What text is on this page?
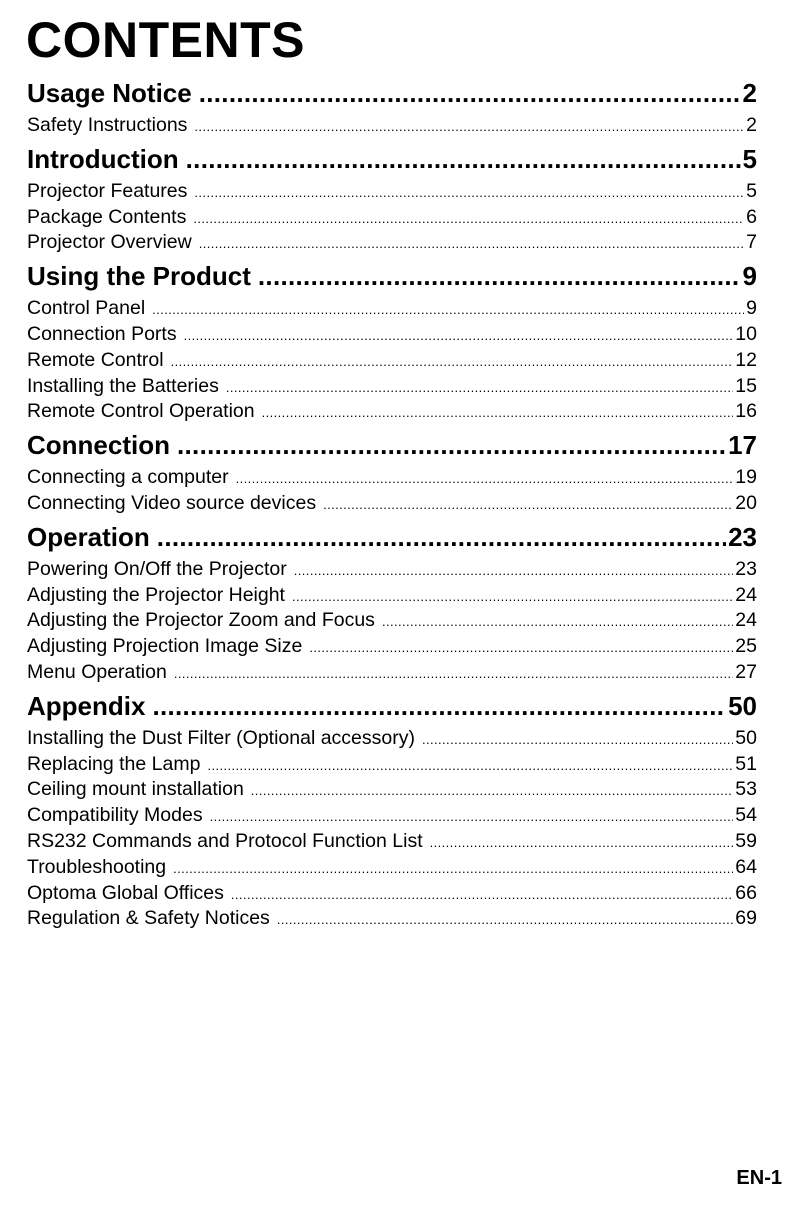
CONTENTS
Usage Notice .....	2
Safety Instructions .....	2
Introduction .....	5
Projector Features .....	5
Package Contents .....	6
Projector Overview .....	7
Using the Product .....	9
Control Panel .....	9
Connection Ports .....	10
Remote Control .....	12
Installing the Batteries .....	15
Remote Control Operation .....	16
Connection .....	17
Connecting a computer .....	19
Connecting Video source devices .....	20
Operation .....	23
Powering On/Off the Projector .....	23
Adjusting the Projector Height .....	24
Adjusting the Projector Zoom and Focus .....	24
Adjusting Projection Image Size .....	25
Menu Operation .....	27
Appendix .....	50
Installing the Dust Filter (Optional accessory) .....	50
Replacing the Lamp .....	51
Ceiling mount installation .....	53
Compatibility Modes .....	54
RS232 Commands and Protocol Function List .....	59
Troubleshooting .....	64
Optoma Global Offices .....	66
Regulation & Safety Notices .....	69
EN-1
